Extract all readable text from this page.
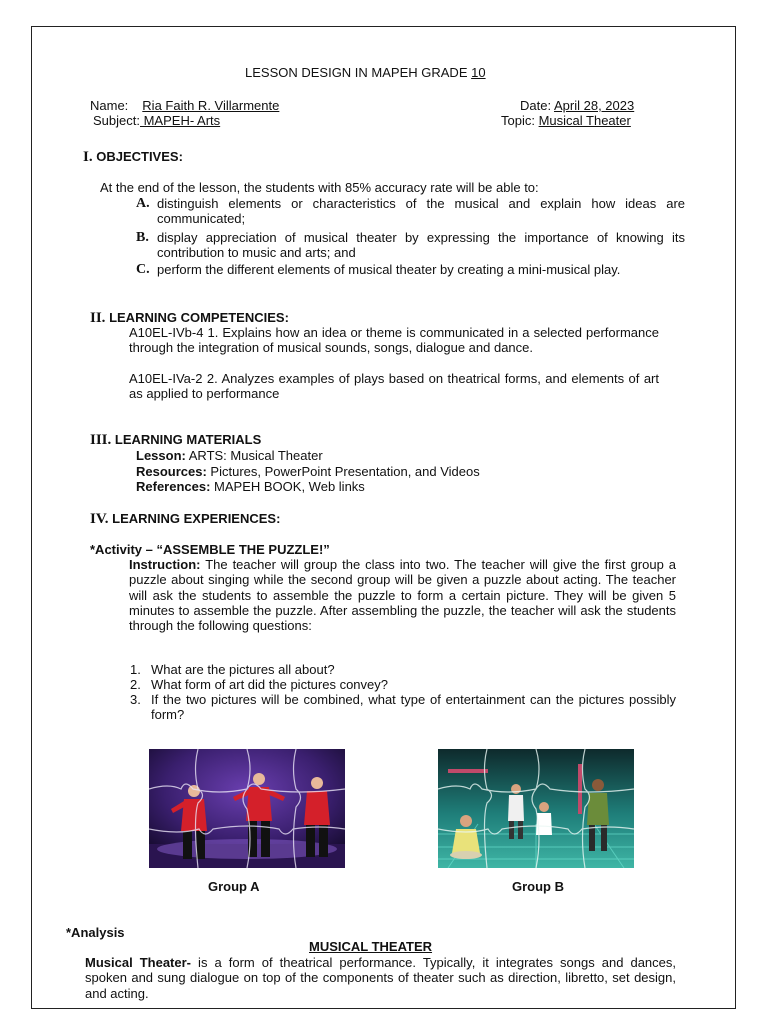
LESSON DESIGN IN MAPEH GRADE 10
Name: Ria Faith R. Villarmente	Date: April 28, 2023
Subject: MAPEH- Arts	Topic: Musical Theater
I. OBJECTIVES:
At the end of the lesson, the students with 85% accuracy rate will be able to:
A. distinguish elements or characteristics of the musical and explain how ideas are communicated;
B. display appreciation of musical theater by expressing the importance of knowing its contribution to music and arts; and
C. perform the different elements of musical theater by creating a mini-musical play.
II. LEARNING COMPETENCIES:
A10EL-IVb-4 1. Explains how an idea or theme is communicated in a selected performance through the integration of musical sounds, songs, dialogue and dance.
A10EL-IVa-2 2. Analyzes examples of plays based on theatrical forms, and elements of art as applied to performance
III. LEARNING MATERIALS
Lesson: ARTS: Musical Theater
Resources: Pictures, PowerPoint Presentation, and Videos
References: MAPEH BOOK, Web links
IV. LEARNING EXPERIENCES:
*Activity – “ASSEMBLE THE PUZZLE!”
Instruction: The teacher will group the class into two. The teacher will give the first group a puzzle about singing while the second group will be given a puzzle about acting. The teacher will ask the students to assemble the puzzle to form a certain picture. They will be given 5 minutes to assemble the puzzle. After assembling the puzzle, the teacher will ask the students through the following questions:
1. What are the pictures all about?
2. What form of art did the pictures convey?
3. If the two pictures will be combined, what type of entertainment can the pictures possibly form?
Group A	Group B
*Analysis
MUSICAL THEATER
Musical Theater- is a form of theatrical performance. Typically, it integrates songs and dances, spoken and sung dialogue on top of the components of theater such as direction, libretto, set design, and acting.
